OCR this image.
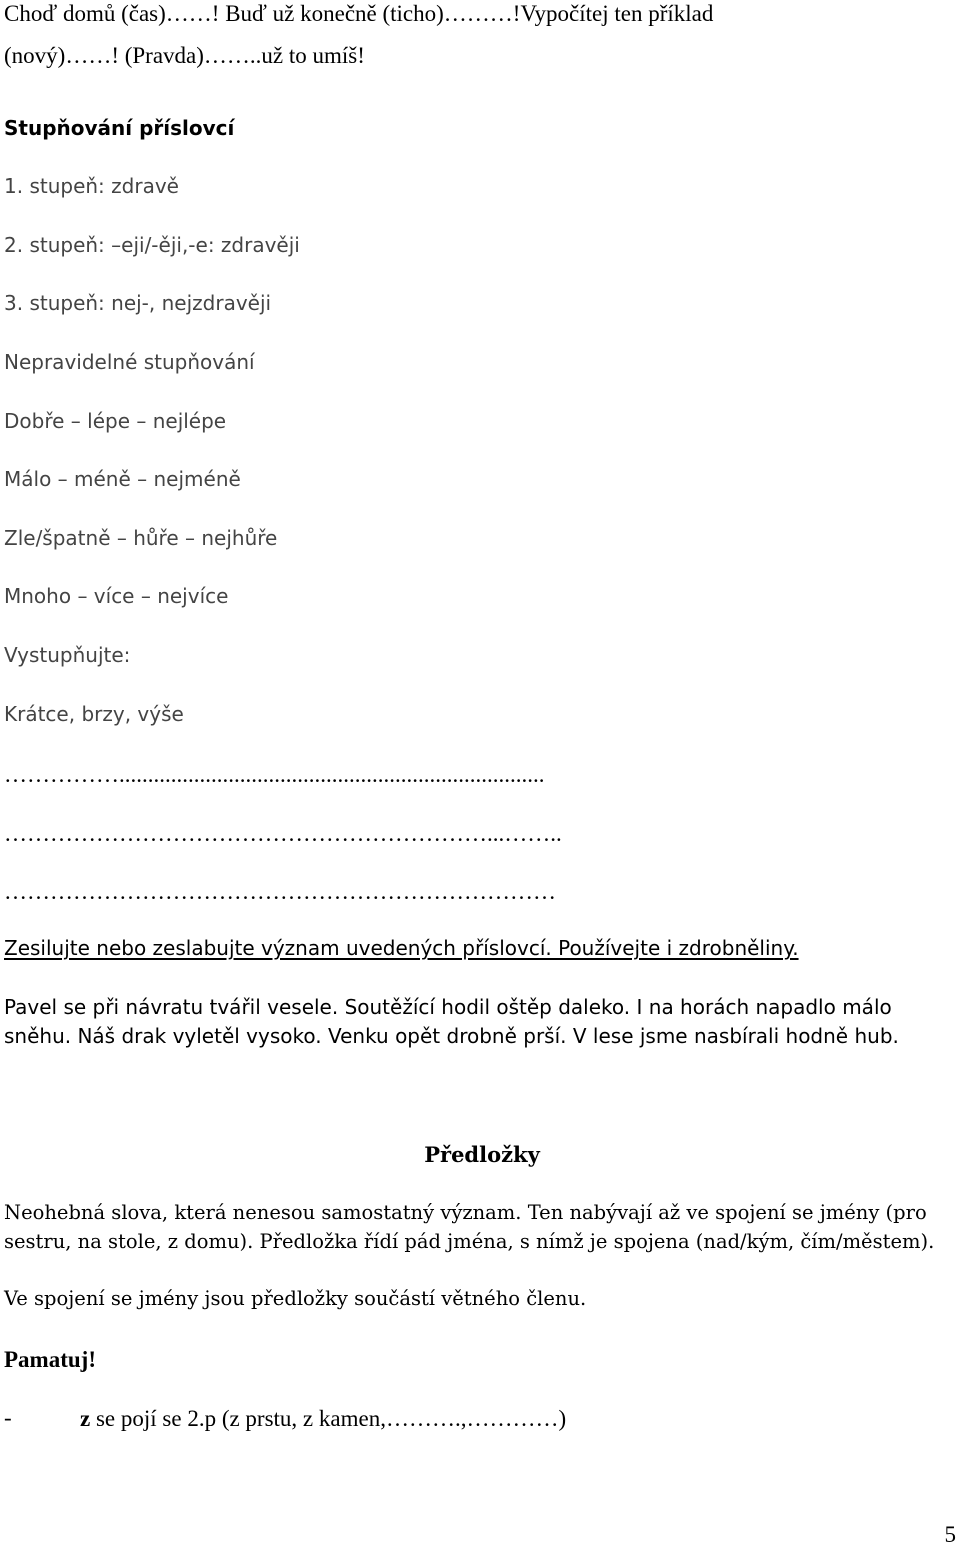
Choď domů (čas)……! Buď už konečně (ticho)………!Vypočítej ten příklad
(nový)……! (Pravda)……..už to umíš!
Stupňování příslovcí
1. stupeň: zdravě
2. stupeň: –eji/-ěji,-e: zdravěji
3. stupeň: nej-, nejzdravěji
Nepravidelné stupňování
Dobře – lépe – nejlépe
Málo – méně – nejméně
Zle/špatně – hůře – nejhůře
Mnoho – více – nejvíce
Vystupňujte:
Krátce, brzy, výše
……………..........................................................................
………………………………………………………...……..
………………………………………………………………
Zesilujte nebo zeslabujte význam uvedených příslovcí. Používejte i zdrobněliny.
Pavel se při návratu tvářil vesele. Soutěžící hodil oštěp daleko. I na horách napadlo málo sněhu. Náš drak vyletěl vysoko. Venku opět drobně prší. V lese jsme nasbírali hodně hub.
Předložky
Neohebná slova, která nenesou samostatný význam. Ten nabývají až ve spojení se jmény (pro sestru, na stole, z domu). Předložka řídí pád jména, s nímž je spojena (nad/kým, čím/městem).
Ve spojení se jmény jsou předložky součástí větného členu.
Pamatuj!
-	z se pojí se 2.p (z prstu, z kamen,……….,…………)
5
